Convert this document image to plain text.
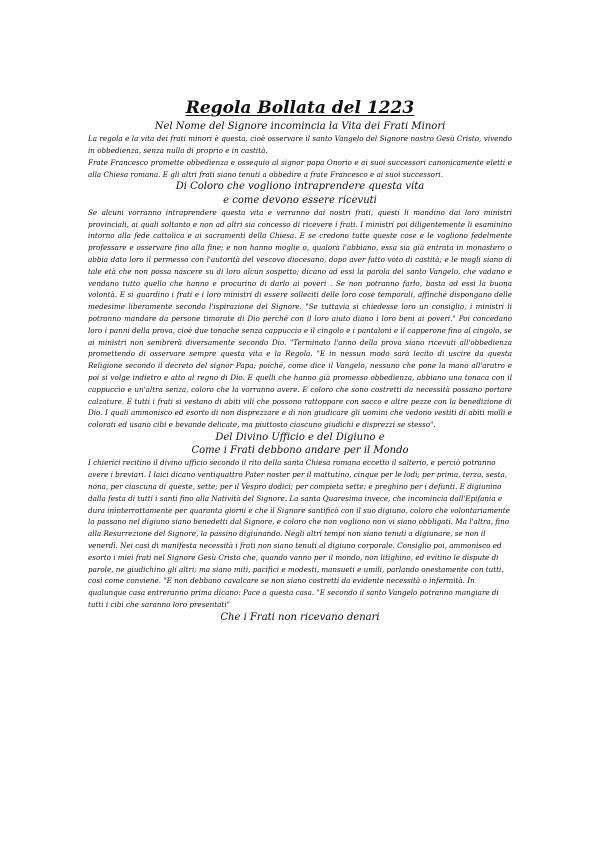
Regola Bollata del 1223
Nel Nome del Signore incomincia la Vita dei Frati Minori

La regola e la vita dei frati minori è questa, cioè osservare il santo Vangelo del Signore nostro Gesù Cristo, vivendo in obbedienza, senza nulla di proprio e in castità.

Frate Francesco promette obbedienza e ossequio al signor papa Onorio e ai suoi successori canonicamente eletti e alla Chiesa romana. E gli altri frati siano tenuti a obbedire a frate Francesco e ai suoi successori.

Di Coloro che vogliono intraprendere questa vita
e come devono essere ricevuti

Se alcuni vorranno intraprendere questa vita e verranno dai nostri frati, questi li mandino dai loro ministri provinciali, ai quali soltanto e non ad altri sia concesso di ricevere i frati. I ministri poi diligentemente li esaminino intorno alla fede cattolica e ai sacramenti della Chiesa. E se credono tutte queste cose e le vogliono fedelmente professare e osservare fino alla fine; e non hanno moglie o, qualora l'abbiano, essa sia già entrata in monastero o abbia dato loro il permesso con l'autorità del vescovo diocesano, dopo aver fatto voto di castità; e le mogli siano di tale età che non possa nascere su di loro alcun sospetto; dicano ad essi la parola del santo Vangelo, che vadano e vendano tutto quello che hanno e procurino di darlo ai poveri . Se non potranno farlo, basta ad essi la buona volontà. E si guardino i frati e i loro ministri di essere solleciti delle loro cose temporali, affinché dispongano delle medesime liberamente secondo l'ispirazione del Signore. "Se tuttavia si chiedesse loro un consiglio, i ministri li potranno mandare da persone timorate di Dio perché con il loro aiuto diano i loro beni ai poveri." Poi concedano loro i panni della prova, cioè due tonache senza cappuccio e il cingolo e i pantaloni e il capperone fino al cingolo, se ai ministri non sembrerà diversamente secondo Dio. "Terminato l'anno della prova siano ricevuti all'obbedienza promettendo di osservare sempre questa vita e la Regola. "E in nessun modo sarà lecito di uscire da questa Religione secondo il decreto del signor Papa; poiché, come dice il Vangelo, nessuno che pone la mano all'aratro e poi si volge indietro e atto al regno di Dio. E quelli che hanno già promesso obbedienza, abbiano una tonaca con il cappuccio e un'altra senza, coloro che la vorranno avere. E coloro che sono costretti da necessità possano portare calzature. E tutti i frati si vestano di abiti vili che possono rattoppare con sacco e altre pezze con la benedizione di Dio. I quali ammonisco ed esorto di non disprezzare e di non giudicare gli uomini che vedono vestiti di abiti molli e colorati ed usano cibi e bevande delicate, ma piuttosto ciascuno giudichi e disprezzi se stesso".

Del Divino Ufficio e del Digiuno e
Come i Frati debbono andare per il Mondo

I chierici recitino il divino ufficio secondo il rito della santa Chiesa romana eccetto il salterio, e perciò potranno avere i breviari. I laici dicano ventiquattro Pater noster per il mattutino, cinque per le lodi; per prima, terza, sesta, nona, per ciascuna di queste, sette; per il Vespro dodici; per compieta sette; e preghino per i defunti. E digiunino dalla festa di tutti i santi fino alla Natività del Signore. La santa Quaresima invece, che incomincia dall'Epifania e dura ininterrottamente per quaranta giorni e che il Signore santificò con il suo digiuno, coloro che volontariamente la passano nel digiuno siano benedetti dal Signore, e coloro che non vogliono non vi siano obbligati. Ma l'altra, fino alla Resurrezione del Signore, la passino digiunando. Negli altri tempi non siano tenuti a digiunare, se non il venerdì. Nei casi di manifesta necessità i frati non siano tenuti al digiuno corporale. Consiglio poi, ammonisco ed esorto i miei frati nel Signore Gesù Cristo che, quando vanno per il mondo, non litighino, ed evitino le dispute di parole, ne giudichino gli altri; ma siano miti, pacifici e modesti, mansueti e umili, parlando onestamente con tutti, così come conviene. "E non debbano cavalcare se non siano costretti da evidente necessità o infermità. In qualunque casa entreranno prima dicano: Pace a questa casa. "E secondo il santo Vangelo potranno mangiare di tutti i cibi che saranno loro presentati"

Che i Frati non ricevano denari
